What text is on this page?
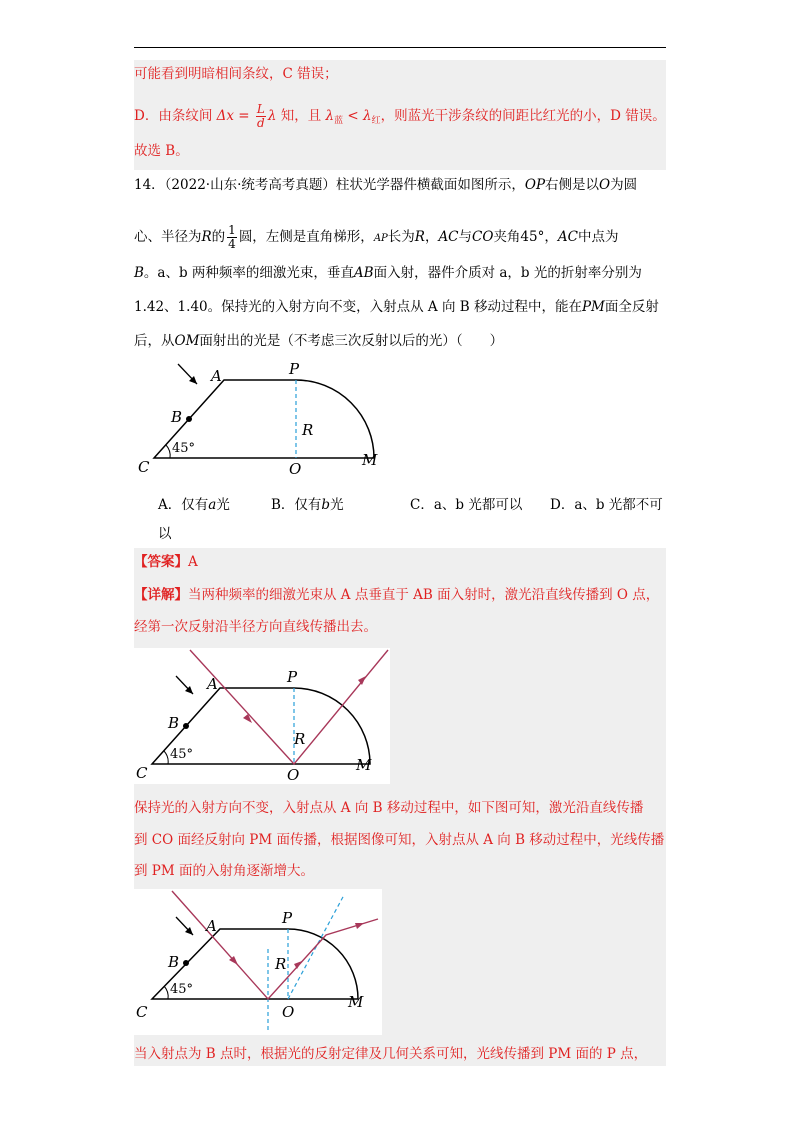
可能看到明暗相间条纹，C 错误；
D．由条纹间 $\Delta x = \frac{L}{d}$ λ 知，且 $\lambda_蓝 < \lambda_红$，则蓝光干涉条纹的间距比红光的小，D 错误。
故选 B。
14．（2022·山东·统考高考真题）柱状光学器件横截面如图所示，OP右侧是以O为圆
心、半径为R的 $\frac{1}{4}$ 圆，左侧是直角梯形，AP长为R，AC与CO夹角45°，AC中点为
B。a、b 两种频率的细激光束，垂直AB面入射，器件介质对 a，b 光的折射率分别为
1.42、1.40。保持光的入射方向不变，入射点从 A 向 B 移动过程中，能在PM面全反射
后，从OM面射出的光是（不考虑三次反射以后的光）（　　）
A
B
C	O
P
M
R
45°
A．仅有a光	B．仅有b光	C．a、b 光都可以 D．a、b 光都不可
以
【答案】A
【详解】当两种频率的细激光束从 A 点垂直于 AB 面入射时，激光沿直线传播到 O 点，
经第一次反射沿半径方向直线传播出去。
A
B
C	O
P
M
R
45°
保持光的入射方向不变，入射点从 A 向 B 移动过程中，如下图可知，激光沿直线传播
到 CO 面经反射向 PM 面传播，根据图像可知，入射点从 A 向 B 移动过程中，光线传播
到 PM 面的入射角逐渐增大。
A
B
C	O
P
M
R
45°
当入射点为 B 点时，根据光的反射定律及几何关系可知，光线传播到 PM 面的 P 点，
